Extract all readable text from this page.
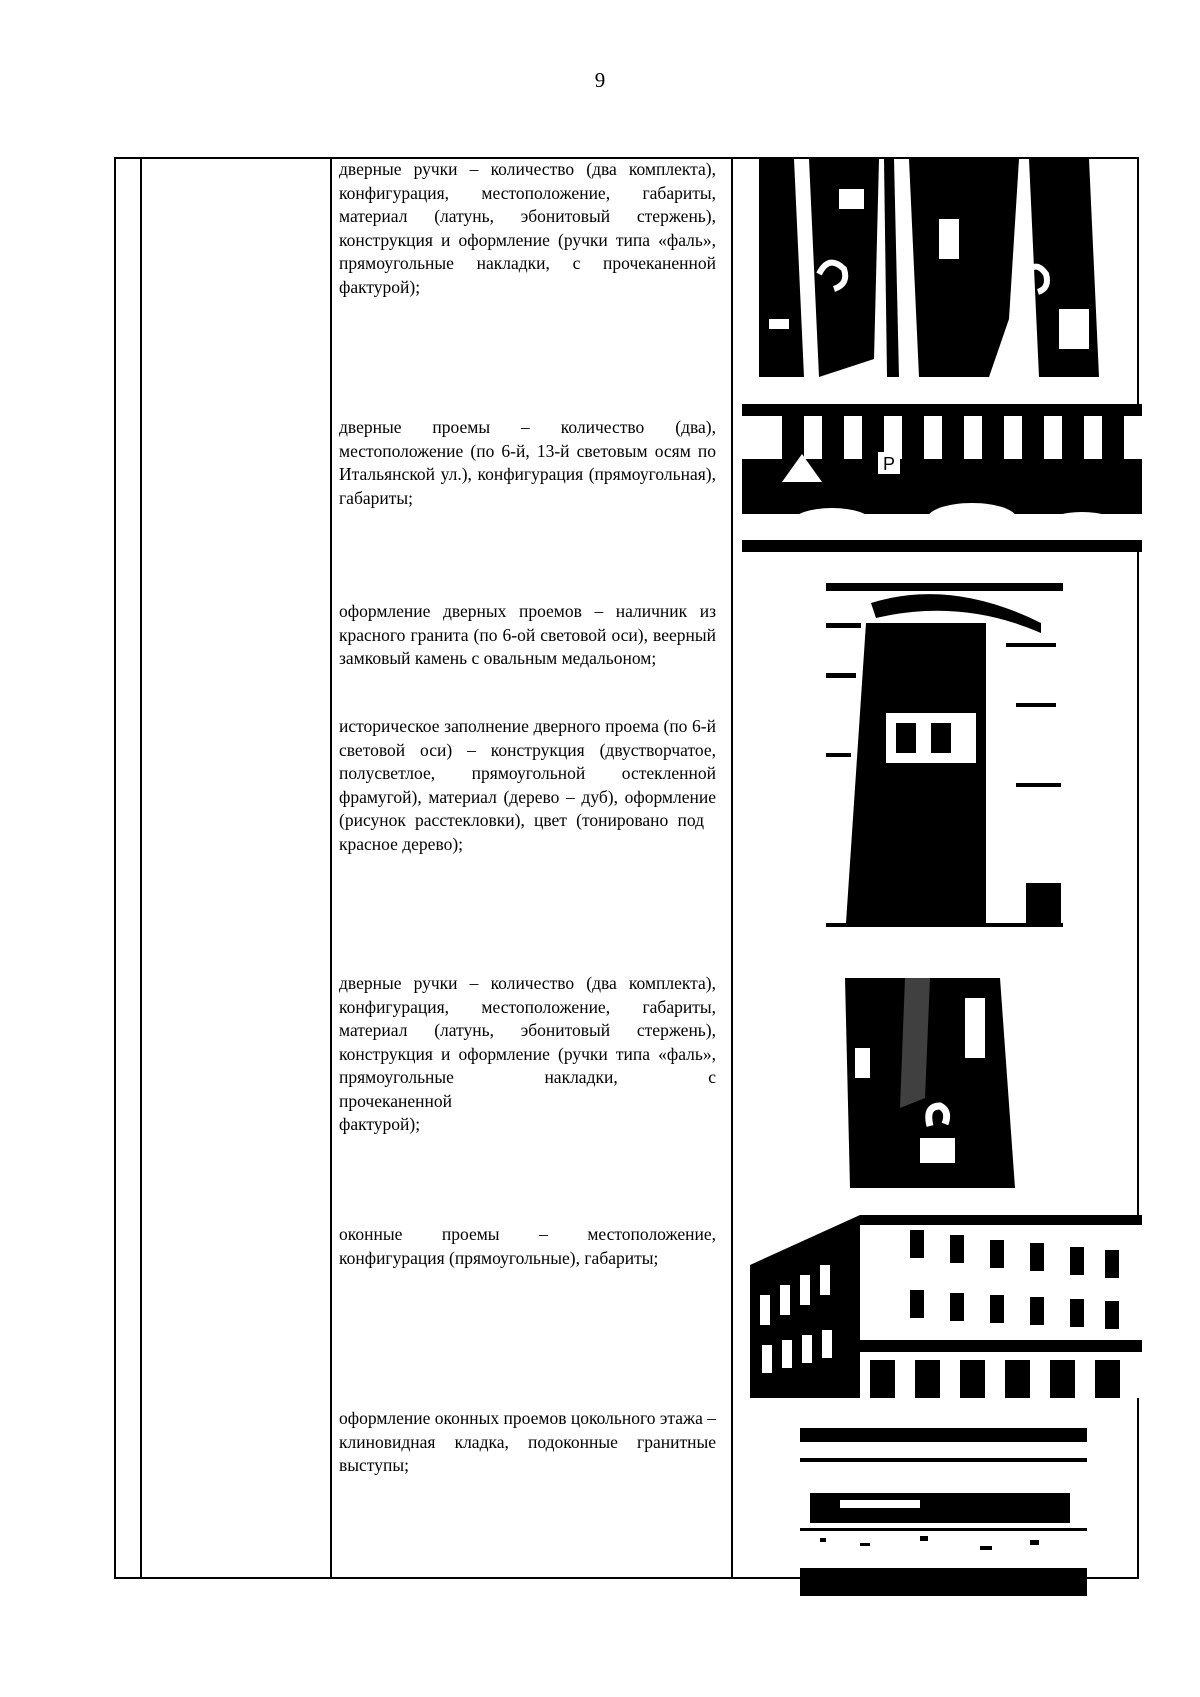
9
дверные ручки – количество (два комплекта), конфигурация, местоположение, габариты, материал (латунь, эбонитовый стержень), конструкция и оформление (ручки типа «фаль», прямоугольные накладки, с прочеканенной фактурой);
дверные проемы – количество (два), местоположение (по 6-й, 13-й световым осям по Итальянской ул.), конфигурация (прямоугольная), габариты;
оформление дверных проемов – наличник из красного гранита (по 6-ой световой оси), веерный замковый камень с овальным медальоном;
историческое заполнение дверного проема (по 6-й световой оси) – конструкция (двустворчатое, полусветлое, прямоугольной остекленной фрамугой), материал (дерево – дуб), оформление
(рисунок расстекловки), цвет (тонировано под красное дерево);
дверные ручки – количество (два комплекта), конфигурация, местоположение, габариты, материал (латунь, эбонитовый стержень), конструкция и оформление (ручки типа «фаль», прямоугольные накладки, с
прочеканенной
фактурой);
оконные проемы – местоположение, конфигурация (прямоугольные), габариты;
оформление оконных проемов цокольного этажа – клиновидная кладка, подоконные гранитные выступы;
P
